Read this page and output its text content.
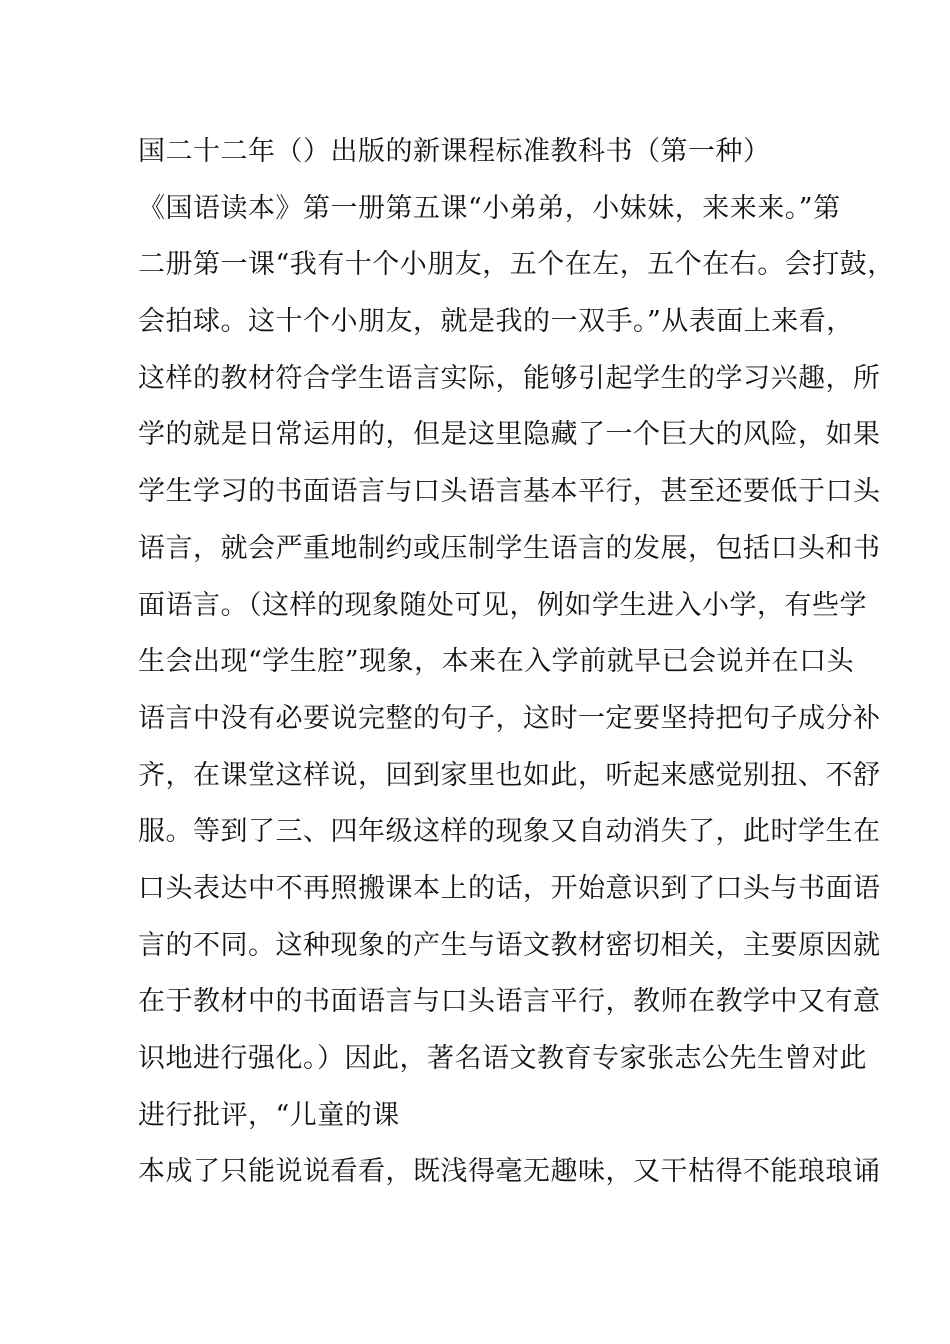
国二十二年（）出版的新课程标准教科书（第一种）
《国语读本》第一册第五课“小弟弟，小妹妹，来来来。”第
二册第一课“我有十个小朋友，五个在左，五个在右。会打鼓，
会拍球。这十个小朋友，就是我的一双手。”从表面上来看，
这样的教材符合学生语言实际，能够引起学生的学习兴趣，所
学的就是日常运用的，但是这里隐藏了一个巨大的风险，如果
学生学习的书面语言与口头语言基本平行，甚至还要低于口头
语言，就会严重地制约或压制学生语言的发展，包括口头和书
面语言。（这样的现象随处可见，例如学生进入小学，有些学
生会出现“学生腔”现象，本来在入学前就早已会说并在口头
语言中没有必要说完整的句子，这时一定要坚持把句子成分补
齐，在课堂这样说，回到家里也如此，听起来感觉别扭、不舒
服。等到了三、四年级这样的现象又自动消失了，此时学生在
口头表达中不再照搬课本上的话，开始意识到了口头与书面语
言的不同。这种现象的产生与语文教材密切相关，主要原因就
在于教材中的书面语言与口头语言平行，教师在教学中又有意
识地进行强化。）因此，著名语文教育专家张志公先生曾对此
进行批评，“儿童的课
本成了只能说说看看，既浅得毫无趣味，又干枯得不能琅琅诵
